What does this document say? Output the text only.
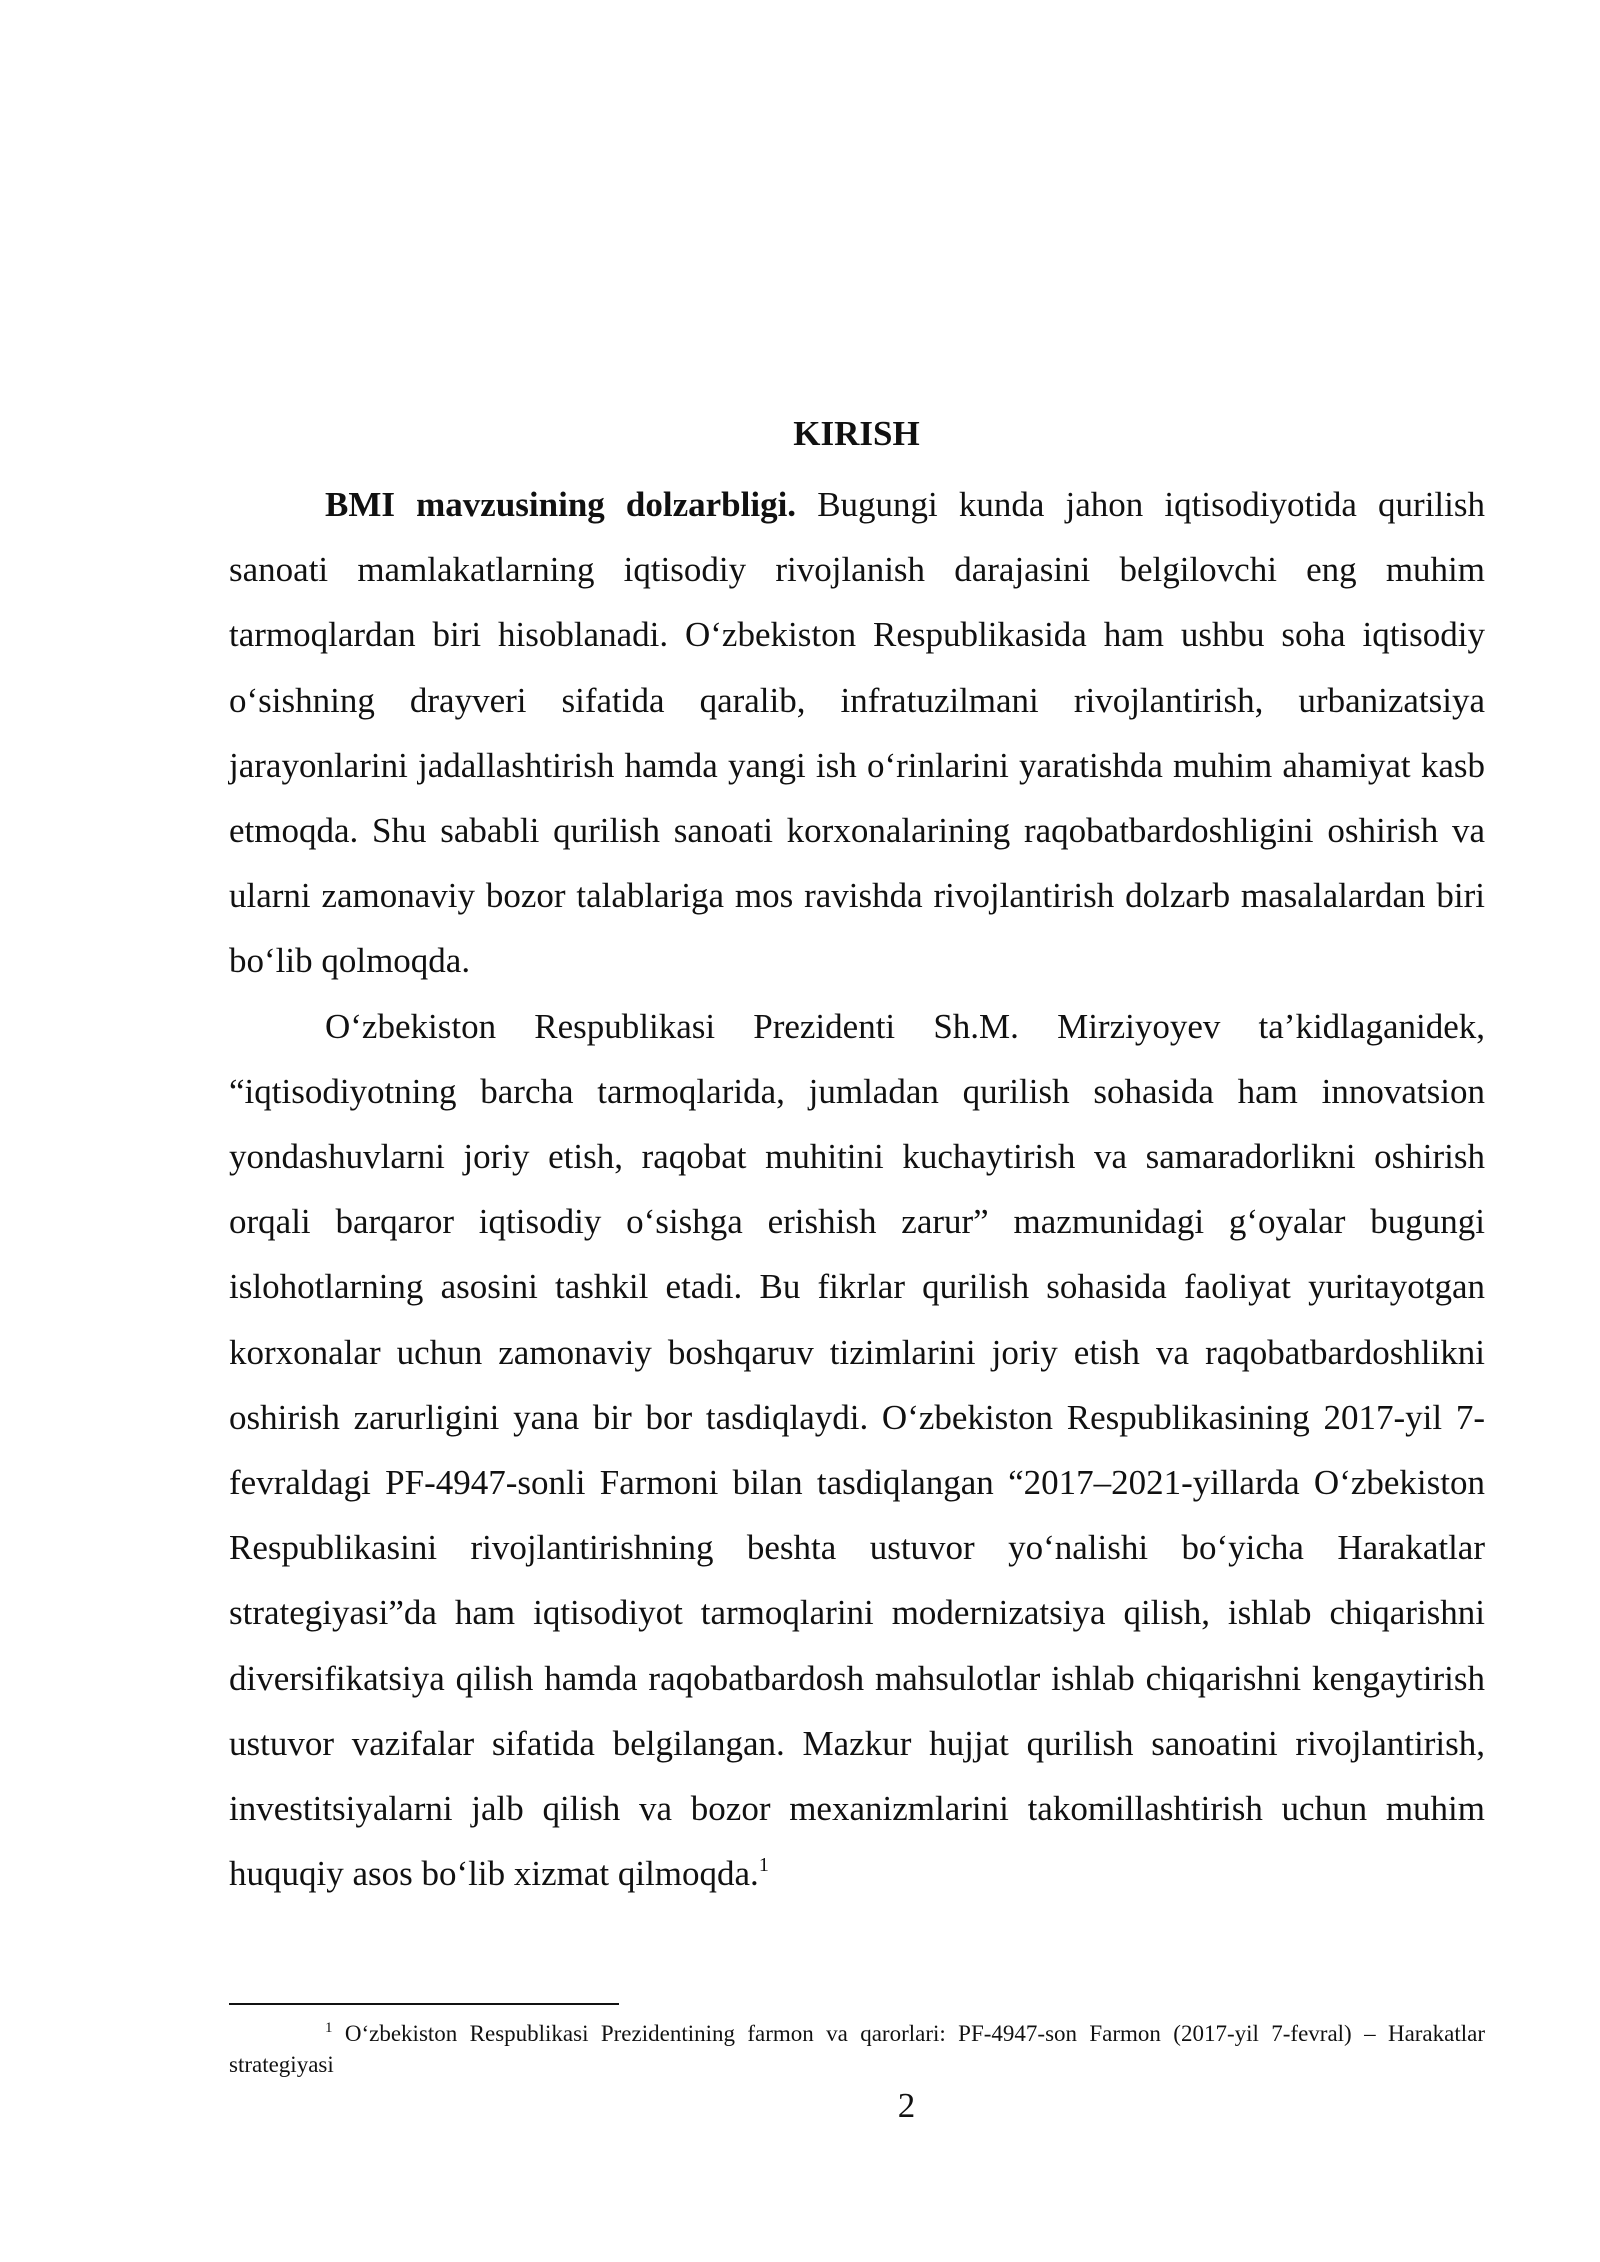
KIRISH

BMI mavzusining dolzarbligi. Bugungi kunda jahon iqtisodiyotida qurilish sanoati mamlakatlarning iqtisodiy rivojlanish darajasini belgilovchi eng muhim tarmoqlardan biri hisoblanadi. O‘zbekiston Respublikasida ham ushbu soha iqtisodiy o‘sishning drayveri sifatida qaralib, infratuzilmani rivojlantirish, urbanizatsiya jarayonlarini jadallashtirish hamda yangi ish o‘rinlarini yaratishda muhim ahamiyat kasb etmoqda. Shu sababli qurilish sanoati korxonalarining raqobatbardoshligini oshirish va ularni zamonaviy bozor talablariga mos ravishda rivojlantirish dolzarb masalalardan biri bo‘lib qolmoqda.

O‘zbekiston Respublikasi Prezidenti Sh.M. Mirziyoyev ta’kidlaganidek, “iqtisodiyotning barcha tarmoqlarida, jumladan qurilish sohasida ham innovatsion yondashuvlarni joriy etish, raqobat muhitini kuchaytirish va samaradorlikni oshirish orqali barqaror iqtisodiy o‘sishga erishish zarur” mazmunidagi g‘oyalar bugungi islohotlarning asosini tashkil etadi. Bu fikrlar qurilish sohasida faoliyat yuritayotgan korxonalar uchun zamonaviy boshqaruv tizimlarini joriy etish va raqobatbardoshlikni oshirish zarurligini yana bir bor tasdiqlaydi. O‘zbekiston Respublikasining 2017-yil 7-fevraldagi PF-4947-sonli Farmoni bilan tasdiqlangan “2017–2021-yillarda O‘zbekiston Respublikasini rivojlantirishning beshta ustuvor yo‘nalishi bo‘yicha Harakatlar strategiyasi”da ham iqtisodiyot tarmoqlarini modernizatsiya qilish, ishlab chiqarishni diversifikatsiya qilish hamda raqobatbardosh mahsulotlar ishlab chiqarishni kengaytirish ustuvor vazifalar sifatida belgilangan. Mazkur hujjat qurilish sanoatini rivojlantirish, investitsiyalarni jalb qilish va bozor mexanizmlarini takomillashtirish uchun muhim huquqiy asos bo‘lib xizmat qilmoqda.$^1$

$^1$ O‘zbekiston Respublikasi Prezidentining farmon va qarorlari: PF-4947-son Farmon (2017-yil 7-fevral) – Harakatlar strategiyasi

2
